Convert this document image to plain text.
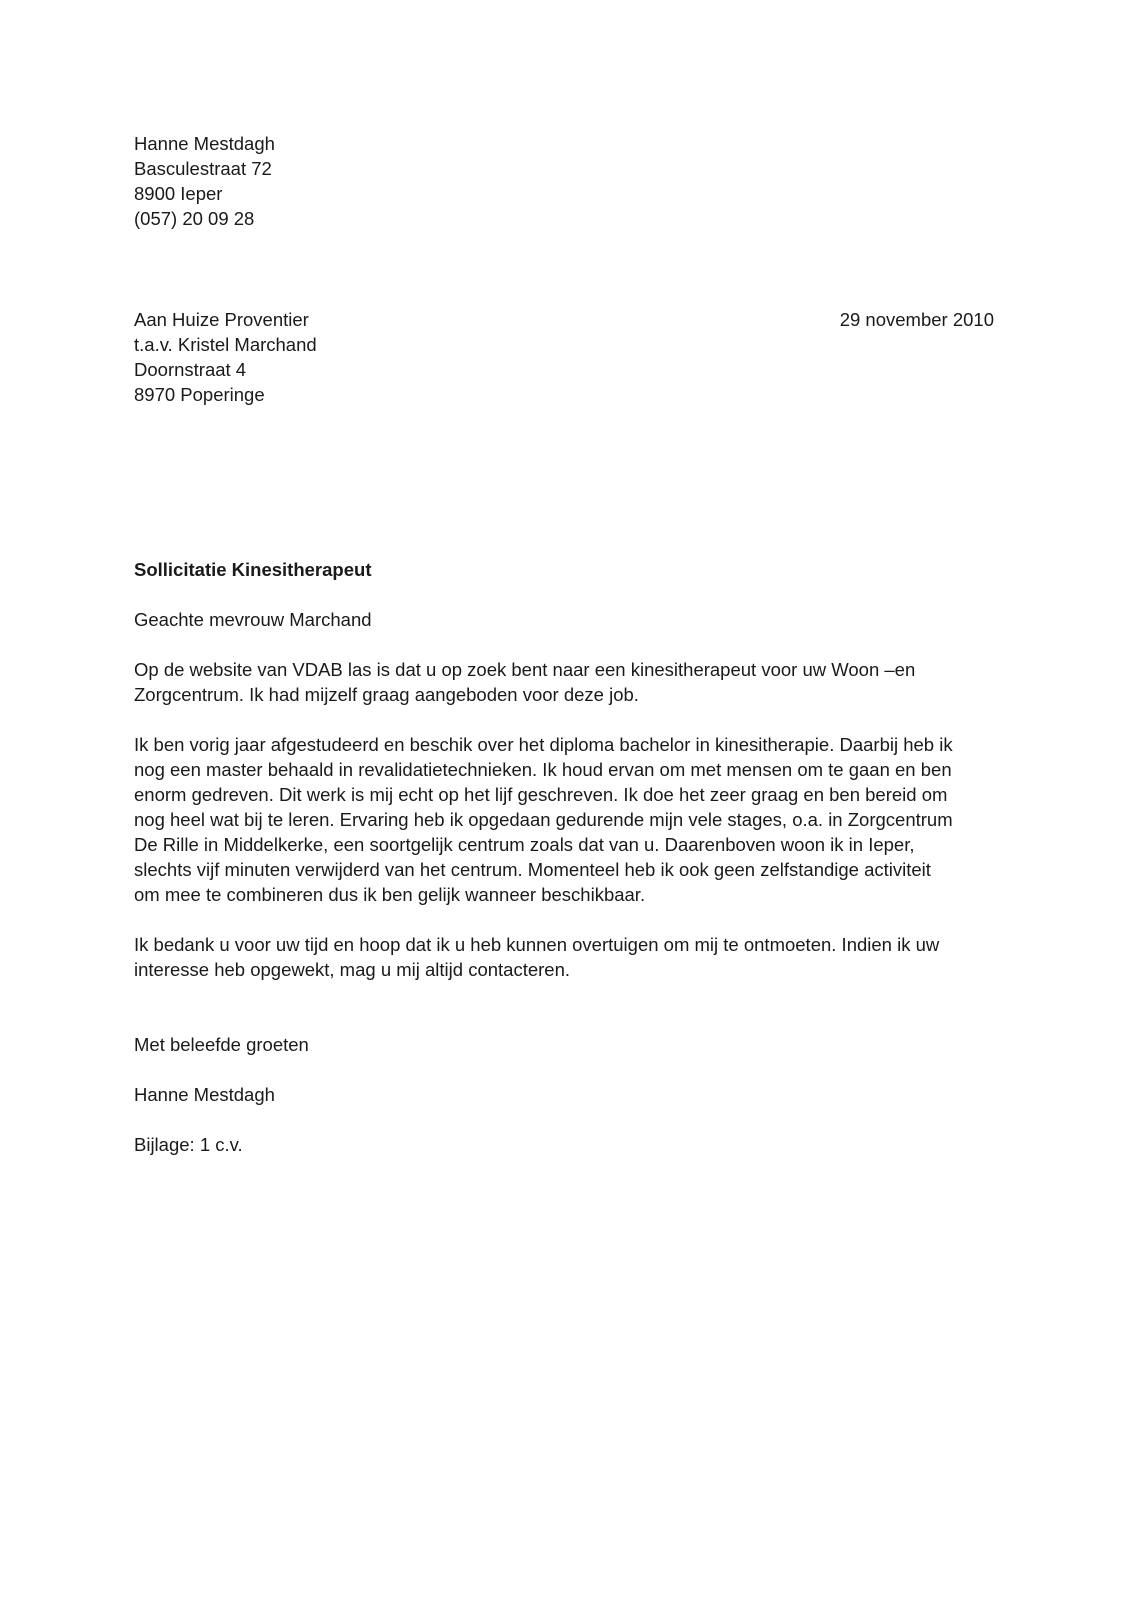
Hanne Mestdagh
Basculestraat 72
8900 Ieper
(057) 20 09 28
Aan Huize Proventier
t.a.v. Kristel Marchand
Doornstraat 4
8970 Poperinge
29 november 2010
Sollicitatie Kinesitherapeut
Geachte mevrouw Marchand
Op de website van VDAB las is dat u op zoek bent naar een kinesitherapeut voor uw Woon –en
Zorgcentrum. Ik had mijzelf graag aangeboden voor deze job.
Ik ben vorig jaar afgestudeerd en beschik over het diploma bachelor in kinesitherapie. Daarbij heb ik
nog een master behaald in revalidatietechnieken. Ik houd ervan om met mensen om te gaan en ben
enorm gedreven. Dit werk is mij echt op het lijf geschreven. Ik doe het zeer graag en ben bereid om
nog heel wat bij te leren. Ervaring heb ik opgedaan gedurende mijn vele stages, o.a. in Zorgcentrum
De Rille in Middelkerke, een soortgelijk centrum zoals dat van u. Daarenboven woon ik in Ieper,
slechts vijf minuten verwijderd van het centrum. Momenteel heb ik ook geen zelfstandige activiteit
om mee te combineren dus ik ben gelijk wanneer beschikbaar.
Ik bedank u voor uw tijd en hoop dat ik u heb kunnen overtuigen om mij te ontmoeten. Indien ik uw
interesse heb opgewekt, mag u mij altijd contacteren.
Met beleefde groeten
Hanne Mestdagh
Bijlage: 1 c.v.
